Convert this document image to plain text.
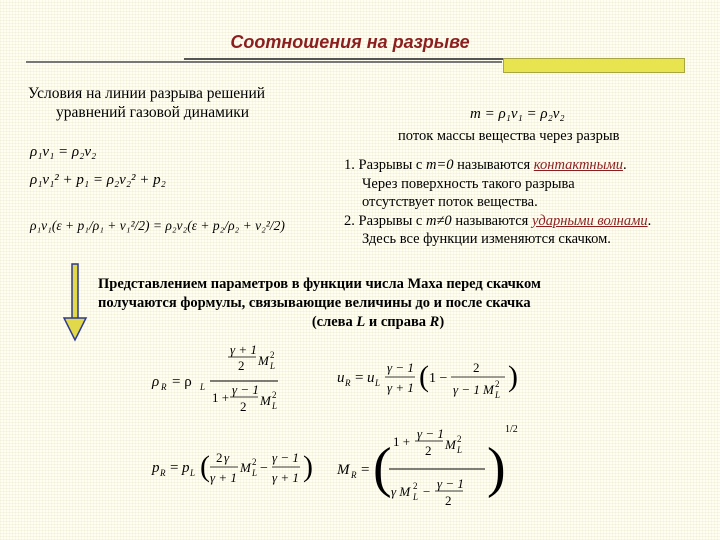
Соотношения на разрыве
Условия на линии разрыва решений
уравнений газовой динамики	m = ρ₁v₁ = ρ₂v₂
поток массы вещества через разрыв
ρ₁v₁ = ρ₂v₂
ρ₁v₁² + p₁ = ρ₂v₂² + p₂
ρ₁v₁(ε + p₁/ρ₁ + v₁²/2) = ρ₂v₂(ε + p₂/ρ₂ + v₂²/2)
1. Разрывы с m=0 называются контактными.
Через поверхность такого разрыва
отсутствует поток вещества.
2. Разрывы с m≠0 называются ударными волнами.
Здесь все функции изменяются скачком.
Представлением параметров в функции числа Маха перед скачком
получаются формулы, связывающие величины до и после скачка
(слева L и справа R)
ρ R = ρ L
γ + 1
2 M 2
L
1 +
γ − 1
2 M 2
L
u R = u L
γ − 1
γ + 1 ( 1 −
2
γ − 1 M 2
L
)
p R = p L ( 2 γ
γ + 1
M 2
L −
γ − 1
γ + 1 ) M R = ( 1 +
γ − 1
2 M 2
L
γ M 2
L −
γ − 1
2
)
1/2
